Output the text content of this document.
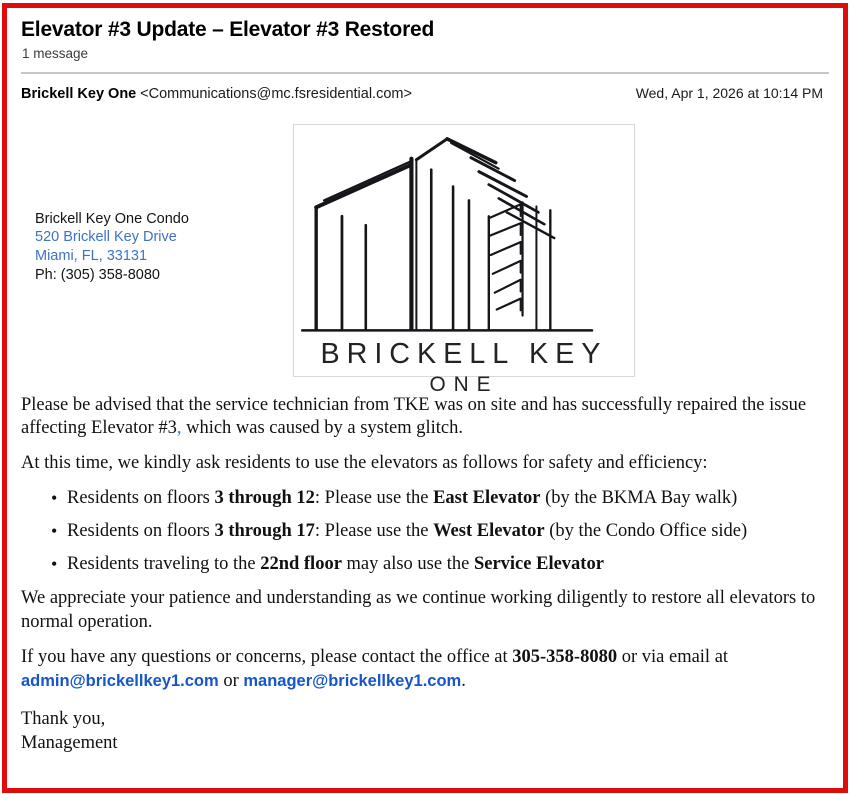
Elevator #3 Update – Elevator #3 Restored
1 message
Brickell Key One <Communications@mc.fsresidential.com>	Wed, Apr 1, 2026 at 10:14 PM
Brickell Key One Condo
520 Brickell Key Drive
Miami, FL, 33131
Ph: (305) 358-8080
BRICKELL KEY
ONE

Please be advised that the service technician from TKE was on site and has successfully repaired the issue affecting Elevator #3, which was caused by a system glitch.

At this time, we kindly ask residents to use the elevators as follows for safety and efficiency:

• Residents on floors 3 through 12: Please use the East Elevator (by the BKMA Bay walk)
• Residents on floors 3 through 17: Please use the West Elevator (by the Condo Office side)
• Residents traveling to the 22nd floor may also use the Service Elevator

We appreciate your patience and understanding as we continue working diligently to restore all elevators to normal operation.

If you have any questions or concerns, please contact the office at 305-358-8080 or via email at admin@brickellkey1.com or manager@brickellkey1.com.

Thank you,
Management
